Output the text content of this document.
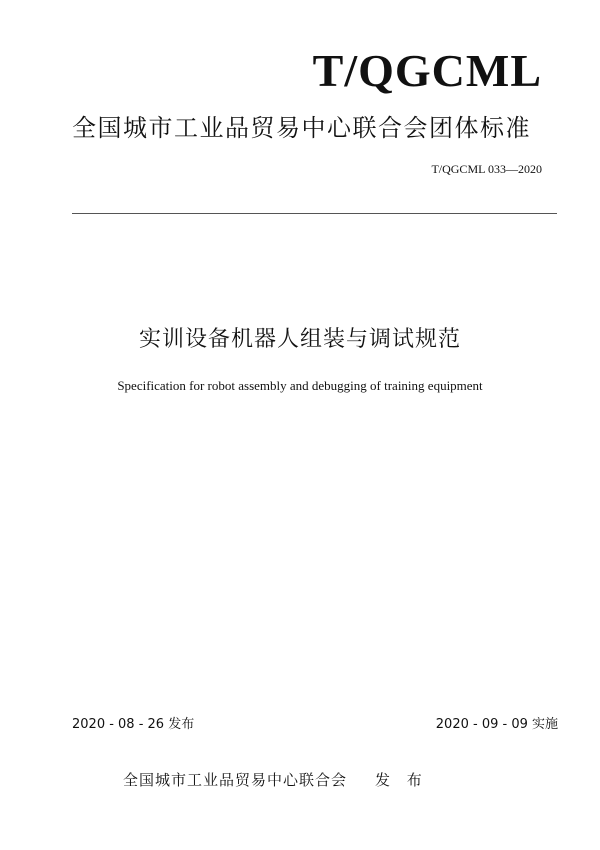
T/QGCML
全国城市工业品贸易中心联合会团体标准
T/QGCML 033—2020
实训设备机器人组装与调试规范
Specification for robot assembly and debugging of training equipment
2020 - 08 - 26 发布	2020 - 09 - 09 实施
全国城市工业品贸易中心联合会 发 布
